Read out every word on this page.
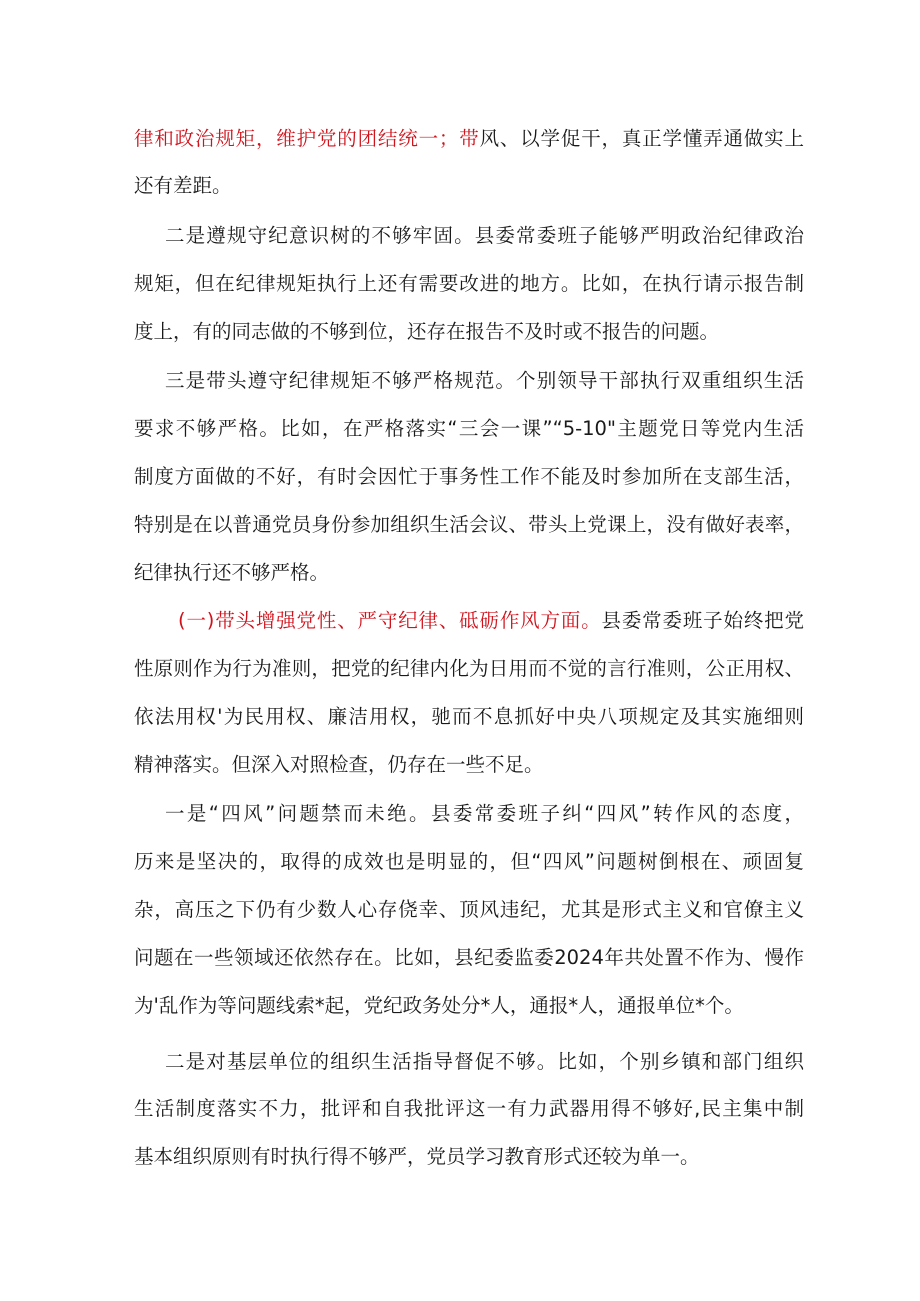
律和政治规矩，维护党的团结统一；带风、以学促干，真正学懂弄通做实上
还有差距。
二是遵规守纪意识树的不够牢固。县委常委班子能够严明政治纪律政治
规矩，但在纪律规矩执行上还有需要改进的地方。比如，在执行请示报告制
度上，有的同志做的不够到位，还存在报告不及时或不报告的问题。
三是带头遵守纪律规矩不够严格规范。个别领导干部执行双重组织生活
要求不够严格。比如，在严格落实“三会一课”“5-10"主题党日等党内生活
制度方面做的不好，有时会因忙于事务性工作不能及时参加所在支部生活，
特别是在以普通党员身份参加组织生活会议、带头上党课上，没有做好表率，
纪律执行还不够严格。
(一)带头增强党性、严守纪律、砥砺作风方面。县委常委班子始终把党
性原则作为行为准则，把党的纪律内化为日用而不觉的言行准则，公正用权、
依法用权'为民用权、廉洁用权，驰而不息抓好中央八项规定及其实施细则
精神落实。但深入对照检查，仍存在一些不足。
一是“四风”问题禁而未绝。县委常委班子纠“四风”转作风的态度，
历来是坚决的，取得的成效也是明显的，但“四风”问题树倒根在、顽固复
杂，高压之下仍有少数人心存侥幸、顶风违纪，尤其是形式主义和官僚主义
问题在一些领域还依然存在。比如，县纪委监委2024年共处置不作为、慢作
为'乱作为等问题线索*起，党纪政务处分*人，通报*人，通报单位*个。
二是对基层单位的组织生活指导督促不够。比如，个别乡镇和部门组织
生活制度落实不力，批评和自我批评这一有力武器用得不够好,民主集中制
基本组织原则有时执行得不够严，党员学习教育形式还较为单一。
